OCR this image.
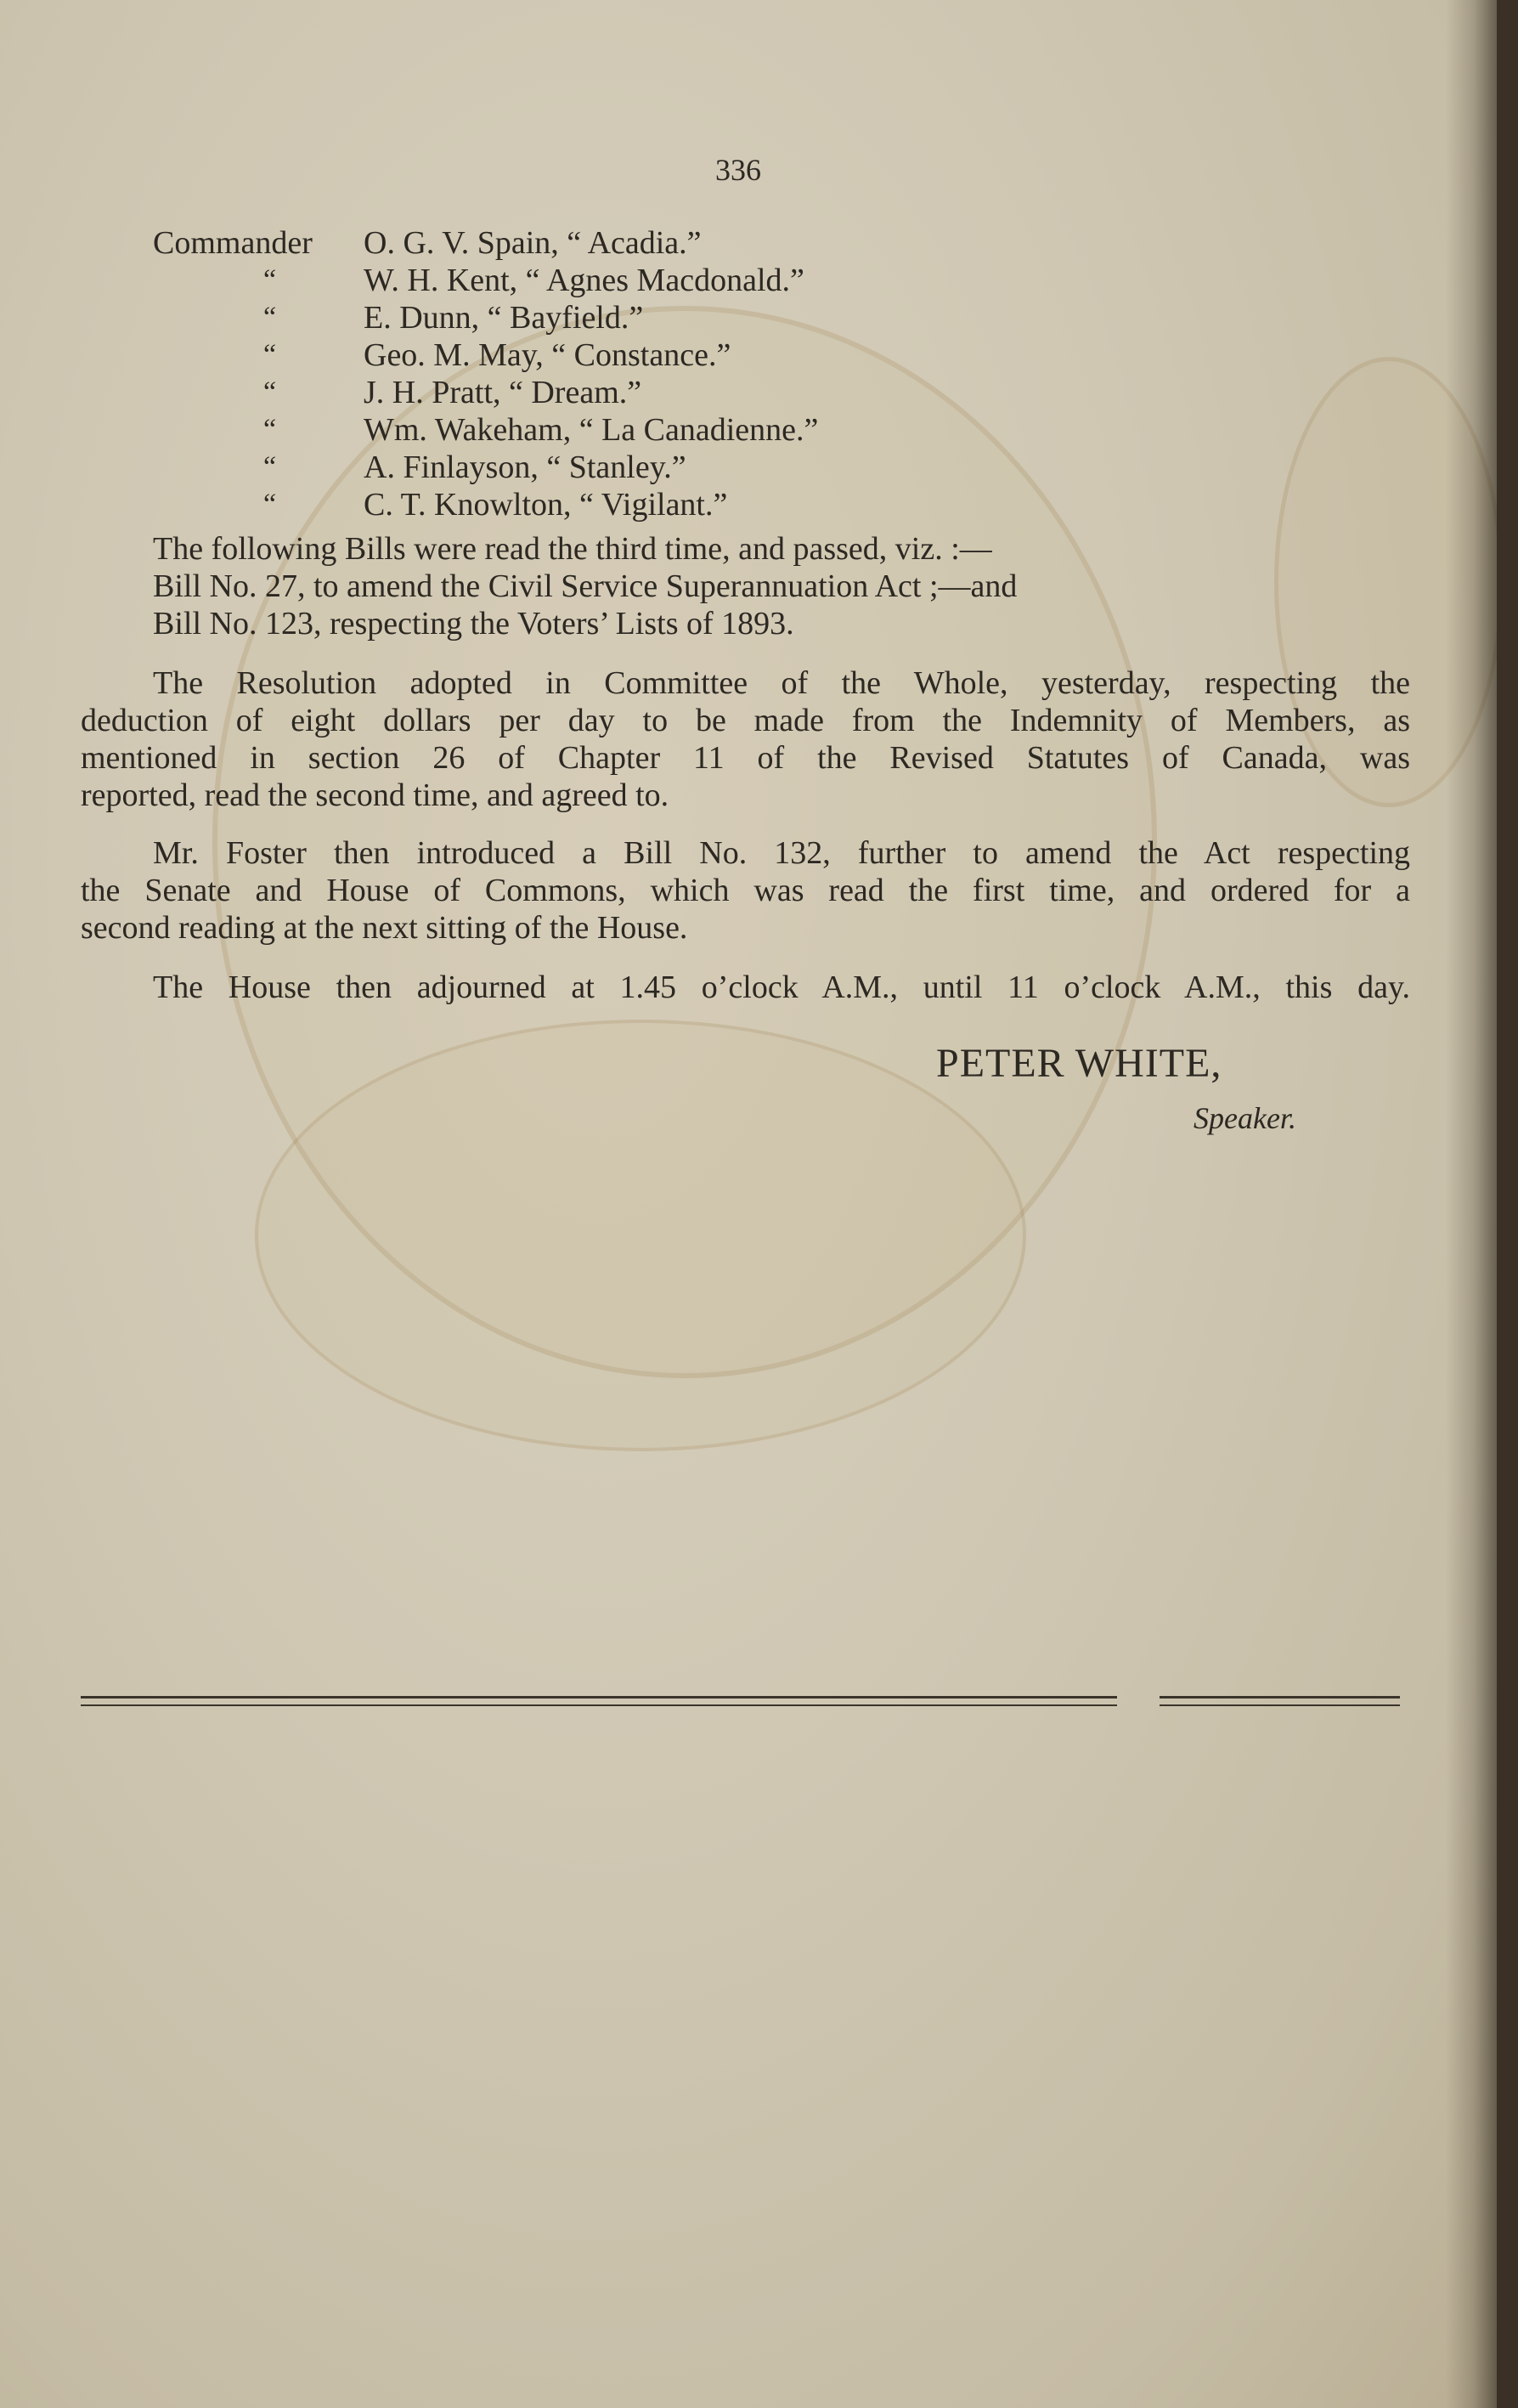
336
Commander O. G. V. Spain, “ Acadia.”
“	W. H. Kent, “ Agnes Macdonald.”
“	E. Dunn, “ Bayfield.”
“	Geo. M. May, “ Constance.”
“	J. H. Pratt, “ Dream.”
“	Wm. Wakeham, “ La Canadienne.”
“	A. Finlayson, “ Stanley.”
“	C. T. Knowlton, “ Vigilant.”
The following Bills were read the third time, and passed, viz. :—
Bill No. 27, to amend the Civil Service Superannuation Act ;—and
Bill No. 123, respecting the Voters’ Lists of 1893.
The Resolution adopted in Committee of the Whole, yesterday, respecting the
deduction of eight dollars per day to be made from the Indemnity of Members, as
mentioned in section 26 of Chapter 11 of the Revised Statutes of Canada, was
reported, read the second time, and agreed to.
Mr. Foster then introduced a Bill No. 132, further to amend the Act respecting
the Senate and House of Commons, which was read the first time, and ordered for a
second reading at the next sitting of the House.
The House then adjourned at 1.45 o’clock A.M., until 11 o’clock A.M., this day.
PETER WHITE,
Speaker.
